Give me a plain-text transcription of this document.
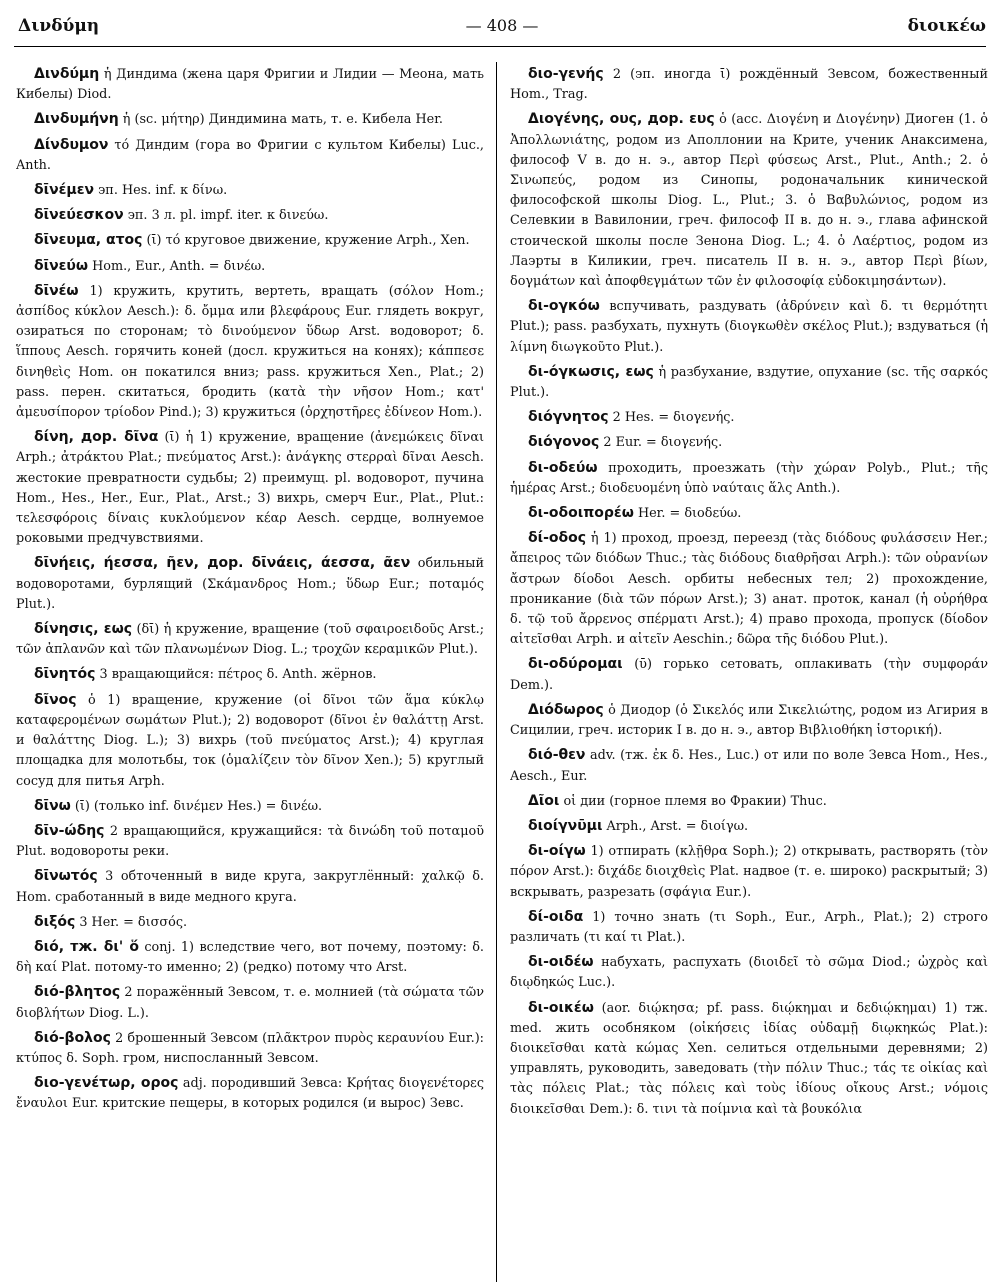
Δινδύμη	— 408 —	διοικέω

Δινδύμη ἡ Диндима (жена царя Фригии и Лидии — Меона, мать Кибелы) Diod.

Δινδυμήνη ἡ (sc. μήτηρ) Диндимина мать, т. е. Кибела Her.

Δίνδυμον τό Диндим (гора во Фригии с культом Кибелы) Luc., Anth.

δῑνέμεν эп. Hes. inf. к δίνω.

δῑνεύεσκον эп. 3 л. pl. impf. iter. к δινεύω.

δῑνευμα, ατος (ῑ) τό круговое движение, кружение Arph., Xen.

δῑνεύω Hom., Eur., Anth. = δινέω.

δῑνέω 1) кружить, крутить, вертеть, вращать (σόλον Hom.; ἀσπίδος κύκλον Aesch.): δ. ὄμμα или βλεφάρους Eur. глядеть вокруг, озираться по сторонам; τὸ δινούμενον ὕδωρ Arst. водоворот; δ. ἵππους Aesch. горячить коней (досл. кружиться на конях); κάππεσε δινηθεὶς Hom. он покатился вниз; pass. кружиться Xen., Plat.; 2) pass. перен. скитаться, бродить (κατὰ τὴν νῆσον Hom.; κατ' ἀμευσίπορον τρίοδον Pind.); 3) кружиться (ὀρχηστῆρες ἐδίνεον Hom.).

δίνη, дор. δῖνα (ῑ) ἡ 1) кружение, вращение (ἀνεμώκεις δῖναι Arph.; ἀτράκτου Plat.; πνεύματος Arst.): ἀνάγκης στερραὶ δῖναι Aesch. жестокие превратности судьбы; 2) преимущ. pl. водоворот, пучина Hom., Hes., Her., Eur., Plat., Arst.; 3) вихрь, смерч Eur., Plat., Plut.: τελεσφόροις δίναις κυκλούμενον κέαρ Aesch. сердце, волнуемое роковыми предчувствиями.

δῑνήεις, ήεσσα, ῆεν, дор. δῑνάεις, άεσσα, ᾶεν обильный водоворотами, бурлящий (Σκάμανδρος Hom.; ὕδωρ Eur.; ποταμός Plut.).

δίνησις, εως (δῑ) ἡ кружение, вращение (τοῦ σφαιροειδοῦς Arst.; τῶν ἀπλανῶν καὶ τῶν πλανωμένων Diog. L.; τροχῶν κεραμικῶν Plut.).

δῑνητός 3 вращающийся: πέτρος δ. Anth. жёрнов.

δῖνος ὁ 1) вращение, кружение (οἱ δῖνοι τῶν ἅμα κύκλῳ καταφερομένων σωμάτων Plut.); 2) водоворот (δῖνοι ἐν θαλάττῃ Arst. и θαλάττης Diog. L.); 3) вихрь (τοῦ πνεύματος Arst.); 4) круглая площадка для молотьбы, ток (ὁμαλίζειν τὸν δῖνον Xen.); 5) круглый сосуд для питья Arph.

δῑνω (ῑ) (только inf. δινέμεν Hes.) = δινέω.

δῑν-ώδης 2 вращающийся, кружащийся: τὰ δινώδη τοῦ ποταμοῦ Plut. водовороты реки.

δῑνωτός 3 обточенный в виде круга, закруглённый: χαλκῷ δ. Hom. сработанный в виде медного круга.

διξός 3 Her. = δισσός.

διό, тж. δι' ὅ conj. 1) вследствие чего, вот почему, поэтому: δ. δὴ καί Plat. потому-то именно; 2) (редко) потому что Arst.

διό-βλητος 2 поражённый Зевсом, т. е. молнией (τὰ σώματα τῶν διοβλήτων Diog. L.).

διό-βολος 2 брошенный Зевсом (πλᾶκτρον πυρὸς κεραυνίου Eur.): κτύπος δ. Soph. гром, ниспосланный Зевсом.

διο-γενέτωρ, ορος adj. породивший Зевса: Κρήτας διογενέτορες ἔναυλοι Eur. критские пещеры, в которых родился (и вырос) Зевс.

διο-γενής 2 (эп. иногда ῑ) рождённый Зевсом, божественный Hom., Trag.

Διογένης, ους, дор. ευς ὁ (acc. Διογένη и Διογένην) Диоген (1. ὁ Ἀπολλωνιάτης, родом из Аполлонии на Крите, ученик Анаксимена, философ V в. до н. э., автор Περὶ φύσεως Arst., Plut., Anth.; 2. ὁ Σινωπεύς, родом из Синопы, родоначальник кинической философской школы Diog. L., Plut.; 3. ὁ Βαβυλώνιος, родом из Селевкии в Вавилонии, греч. философ II в. до н. э., глава афинской стоической школы после Зенона Diog. L.; 4. ὁ Λαέρτιος, родом из Лаэрты в Киликии, греч. писатель II в. н. э., автор Περὶ βίων, δογμάτων καὶ ἀποφθεγμάτων τῶν ἐν φιλοσοφίᾳ εὐδοκιμησάντων).

δι-ογκόω вспучивать, раздувать (ἀδρύνειν καὶ δ. τι θερμότητι Plut.); pass. разбухать, пухнуть (διογκωθὲν σκέλος Plut.); вздуваться (ἡ λίμνη διωγκοῦτο Plut.).

δι-όγκωσις, εως ἡ разбухание, вздутие, опухание (sc. τῆς σαρκός Plut.).

διόγνητος 2 Hes. = διογενής.

διόγονος 2 Eur. = διογενής.

δι-οδεύω проходить, проезжать (τὴν χώραν Polyb., Plut.; τῆς ἡμέρας Arst.; διοδευομένη ὑπὸ ναύταις ἅλς Anth.).

δι-οδοιπορέω Her. = διοδεύω.

δί-οδος ἡ 1) проход, проезд, переезд (τὰς διόδους φυλάσσειν Her.; ἄπειρος τῶν διόδων Thuc.; τὰς διόδους διαθρῆσαι Arph.): τῶν οὐρανίων ἄστρων δίοδοι Aesch. орбиты небесных тел; 2) прохождение, проникание (διὰ τῶν πόρων Arst.); 3) анат. проток, канал (ἡ οὐρήθρα δ. τῷ τοῦ ἄρρενος σπέρματι Arst.); 4) право прохода, пропуск (δίοδον αἰτεῖσθαι Arph. и αἰτεῖν Aeschin.; δῶρα τῆς διόδου Plut.).

δι-οδύρομαι (ῡ) горько сетовать, оплакивать (τὴν συμφοράν Dem.).

Διόδωρος ὁ Диодор (ὁ Σικελός или Σικελιώτης, родом из Агирия в Сицилии, греч. историк I в. до н. э., автор Βιβλιοθήκη ἱστορική).

διό-θεν adv. (тж. ἐκ δ. Hes., Luc.) от или по воле Зевса Hom., Hes., Aesch., Eur.

Δῖοι οἱ дии (горное племя во Фракии) Thuc.

διοίγνῡμι Arph., Arst. = διοίγω.

δι-οίγω 1) отпирать (κλῇθρα Soph.); 2) открывать, растворять (τὸν πόρον Arst.): διχάδε διοιχθεὶς Plat. надвое (т. е. широко) раскрытый; 3) вскрывать, разрезать (σφάγια Eur.).

δί-οιδα 1) точно знать (τι Soph., Eur., Arph., Plat.); 2) строго различать (τι καί τι Plat.).

δι-οιδέω набухать, распухать (διοιδεῖ τὸ σῶμα Diod.; ὠχρὸς καὶ διῳδηκώς Luc.).

δι-οικέω (aor. διῴκησα; pf. pass. διῴκημαι и δεδιῴκημαι) 1) тж. med. жить особняком (οἰκήσεις ἰδίας οὐδαμῇ διῳκηκώς Plat.): διοικεῖσθαι κατὰ κώμας Xen. селиться отдельными деревнями; 2) управлять, руководить, заведовать (τὴν πόλιν Thuc.; τάς τε οἰκίας καὶ τὰς πόλεις Plat.; τὰς πόλεις καὶ τοὺς ἰδίους οἴκους Arst.; νόμοις διοικεῖσθαι Dem.): δ. τινι τὰ ποίμνια καὶ τὰ βουκόλια
